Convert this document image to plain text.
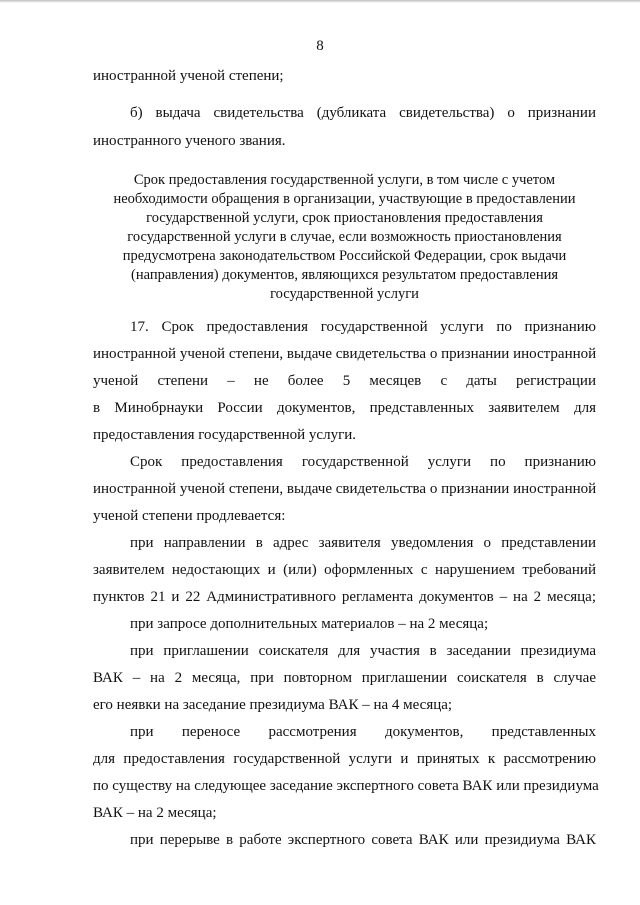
8
иностранной ученой степени;
б) выдача свидетельства (дубликата свидетельства) о признании
иностранного ученого звания.
Срок предоставления государственной услуги, в том числе с учетом
необходимости обращения в организации, участвующие в предоставлении
государственной услуги, срок приостановления предоставления
государственной услуги в случае, если возможность приостановления
предусмотрена законодательством Российской Федерации, срок выдачи
(направления) документов, являющихся результатом предоставления
государственной услуги
17. Срок предоставления государственной услуги по признанию
иностранной ученой степени, выдаче свидетельства о признании иностранной
ученой степени – не более 5 месяцев с даты регистрации
в Минобрнауки России документов, представленных заявителем для
предоставления государственной услуги.
Срок предоставления государственной услуги по признанию
иностранной ученой степени, выдаче свидетельства о признании иностранной
ученой степени продлевается:
при направлении в адрес заявителя уведомления о представлении
заявителем недостающих и (или) оформленных с нарушением требований
пунктов 21 и 22 Административного регламента документов – на 2 месяца;
при запросе дополнительных материалов – на 2 месяца;
при приглашении соискателя для участия в заседании президиума
ВАК – на 2 месяца, при повторном приглашении соискателя в случае
его неявки на заседание президиума ВАК – на 4 месяца;
при переносе рассмотрения документов, представленных
для предоставления государственной услуги и принятых к рассмотрению
по существу на следующее заседание экспертного совета ВАК или президиума
ВАК – на 2 месяца;
при перерыве в работе экспертного совета ВАК или президиума ВАК
